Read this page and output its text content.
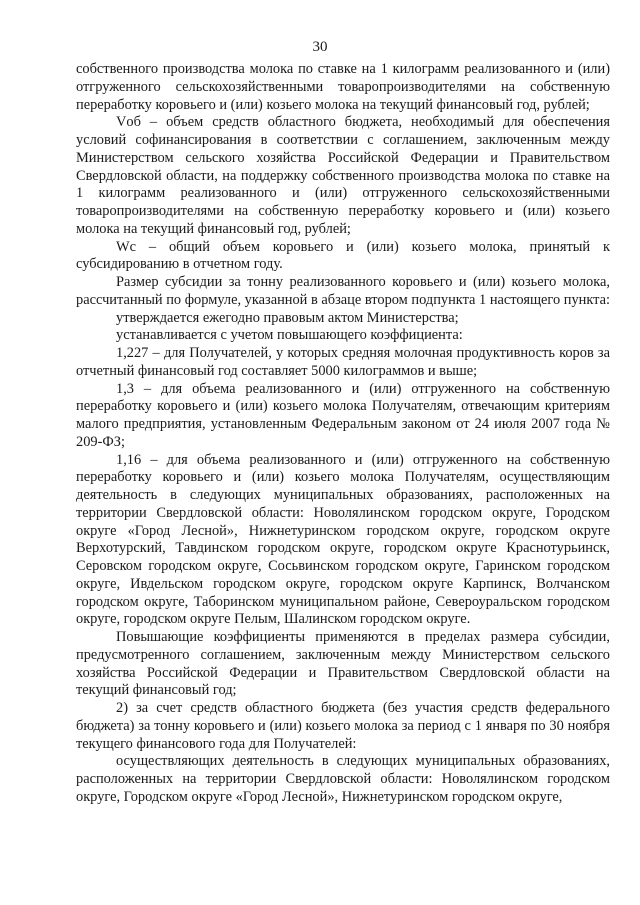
30

собственного производства молока по ставке на 1 килограмм реализованного и (или) отгруженного сельскохозяйственными товаропроизводителями на собственную переработку коровьего и (или) козьего молока на текущий финансовый год, рублей;

Vоб – объем средств областного бюджета, необходимый для обеспечения условий софинансирования в соответствии с соглашением, заключенным между Министерством сельского хозяйства Российской Федерации и Правительством Свердловской области, на поддержку собственного производства молока по ставке на 1 килограмм реализованного и (или) отгруженного сельскохозяйственными товаропроизводителями на собственную переработку коровьего и (или) козьего молока на текущий финансовый год, рублей;

Wс – общий объем коровьего и (или) козьего молока, принятый к субсидированию в отчетном году.

Размер субсидии за тонну реализованного коровьего и (или) козьего молока, рассчитанный по формуле, указанной в абзаце втором подпункта 1 настоящего пункта:

утверждается ежегодно правовым актом Министерства;

устанавливается с учетом повышающего коэффициента:

1,227 – для Получателей, у которых средняя молочная продуктивность коров за отчетный финансовый год составляет 5000 килограммов и выше;

1,3 – для объема реализованного и (или) отгруженного на собственную переработку коровьего и (или) козьего молока Получателям, отвечающим критериям малого предприятия, установленным Федеральным законом от 24 июля 2007 года № 209-ФЗ;

1,16 – для объема реализованного и (или) отгруженного на собственную переработку коровьего и (или) козьего молока Получателям, осуществляющим деятельность в следующих муниципальных образованиях, расположенных на территории Свердловской области: Новолялинском городском округе, Городском округе «Город Лесной», Нижнетуринском городском округе, городском округе Верхотурский, Тавдинском городском округе, городском округе Краснотурьинск, Серовском городском округе, Сосьвинском городском округе, Гаринском городском округе, Ивдельском городском округе, городском округе Карпинск, Волчанском городском округе, Таборинском муниципальном районе, Североуральском городском округе, городском округе Пелым, Шалинском городском округе.

Повышающие коэффициенты применяются в пределах размера субсидии, предусмотренного соглашением, заключенным между Министерством сельского хозяйства Российской Федерации и Правительством Свердловской области на текущий финансовый год;

2) за счет средств областного бюджета (без участия средств федерального бюджета) за тонну коровьего и (или) козьего молока за период с 1 января по 30 ноября текущего финансового года для Получателей:

осуществляющих деятельность в следующих муниципальных образованиях, расположенных на территории Свердловской области: Новолялинском городском округе, Городском округе «Город Лесной», Нижнетуринском городском округе,
